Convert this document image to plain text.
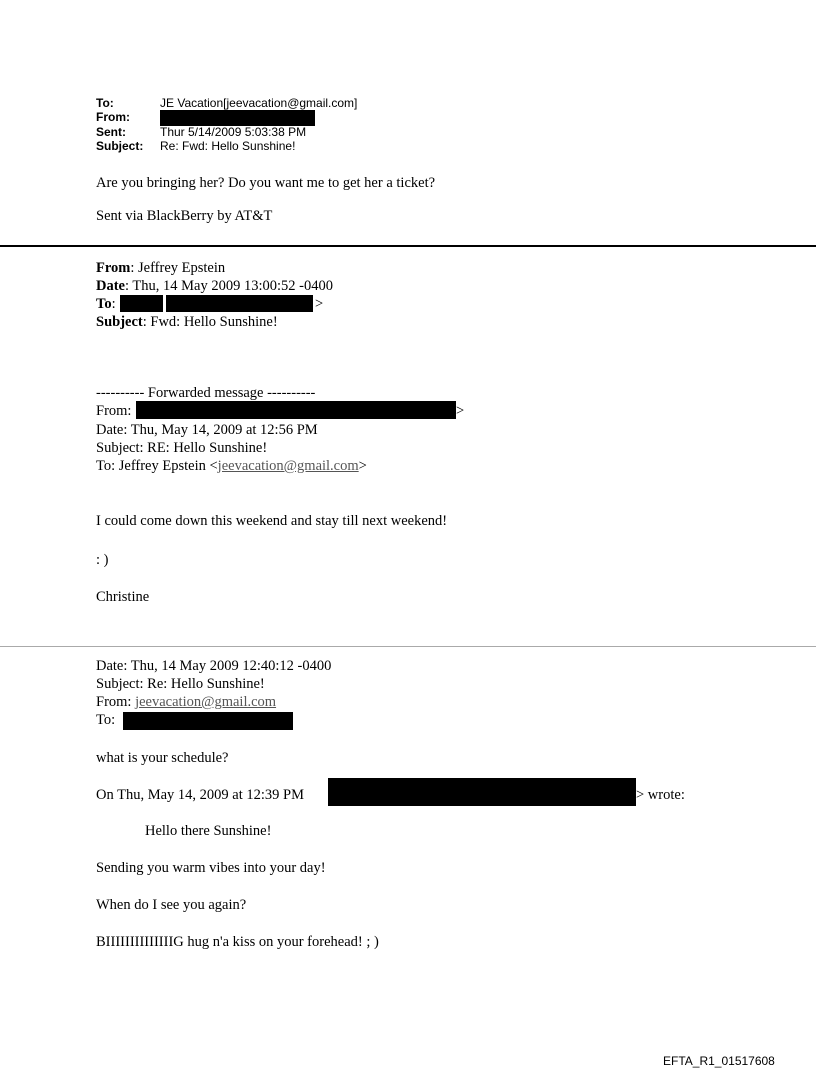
To:	JE Vacation[jeevacation@gmail.com]
From:
Sent:	Thur 5/14/2009 5:03:38 PM
Subject: Re: Fwd: Hello Sunshine!
Are you bringing her? Do you want me to get her a ticket?
Sent via BlackBerry by AT&T
From: Jeffrey Epstein
Date: Thu, 14 May 2009 13:00:52 -0400
To:	>
Subject: Fwd: Hello Sunshine!
---------- Forwarded message ----------
From:	>
Date: Thu, May 14, 2009 at 12:56 PM
Subject: RE: Hello Sunshine!
To: Jeffrey Epstein <jeevacation@gmail.com>
I could come down this weekend and stay till next weekend!
: )
Christine
Date: Thu, 14 May 2009 12:40:12 -0400
Subject: Re: Hello Sunshine!
From: jeevacation@gmail.com
To:
what is your schedule?
On Thu, May 14, 2009 at 12:39 PM	> wrote:
Hello there Sunshine!
Sending you warm vibes into your day!
When do I see you again?
BIIIIIIIIIIIIIIG hug n'a kiss on your forehead! ; )
EFTA_R1_01517608
